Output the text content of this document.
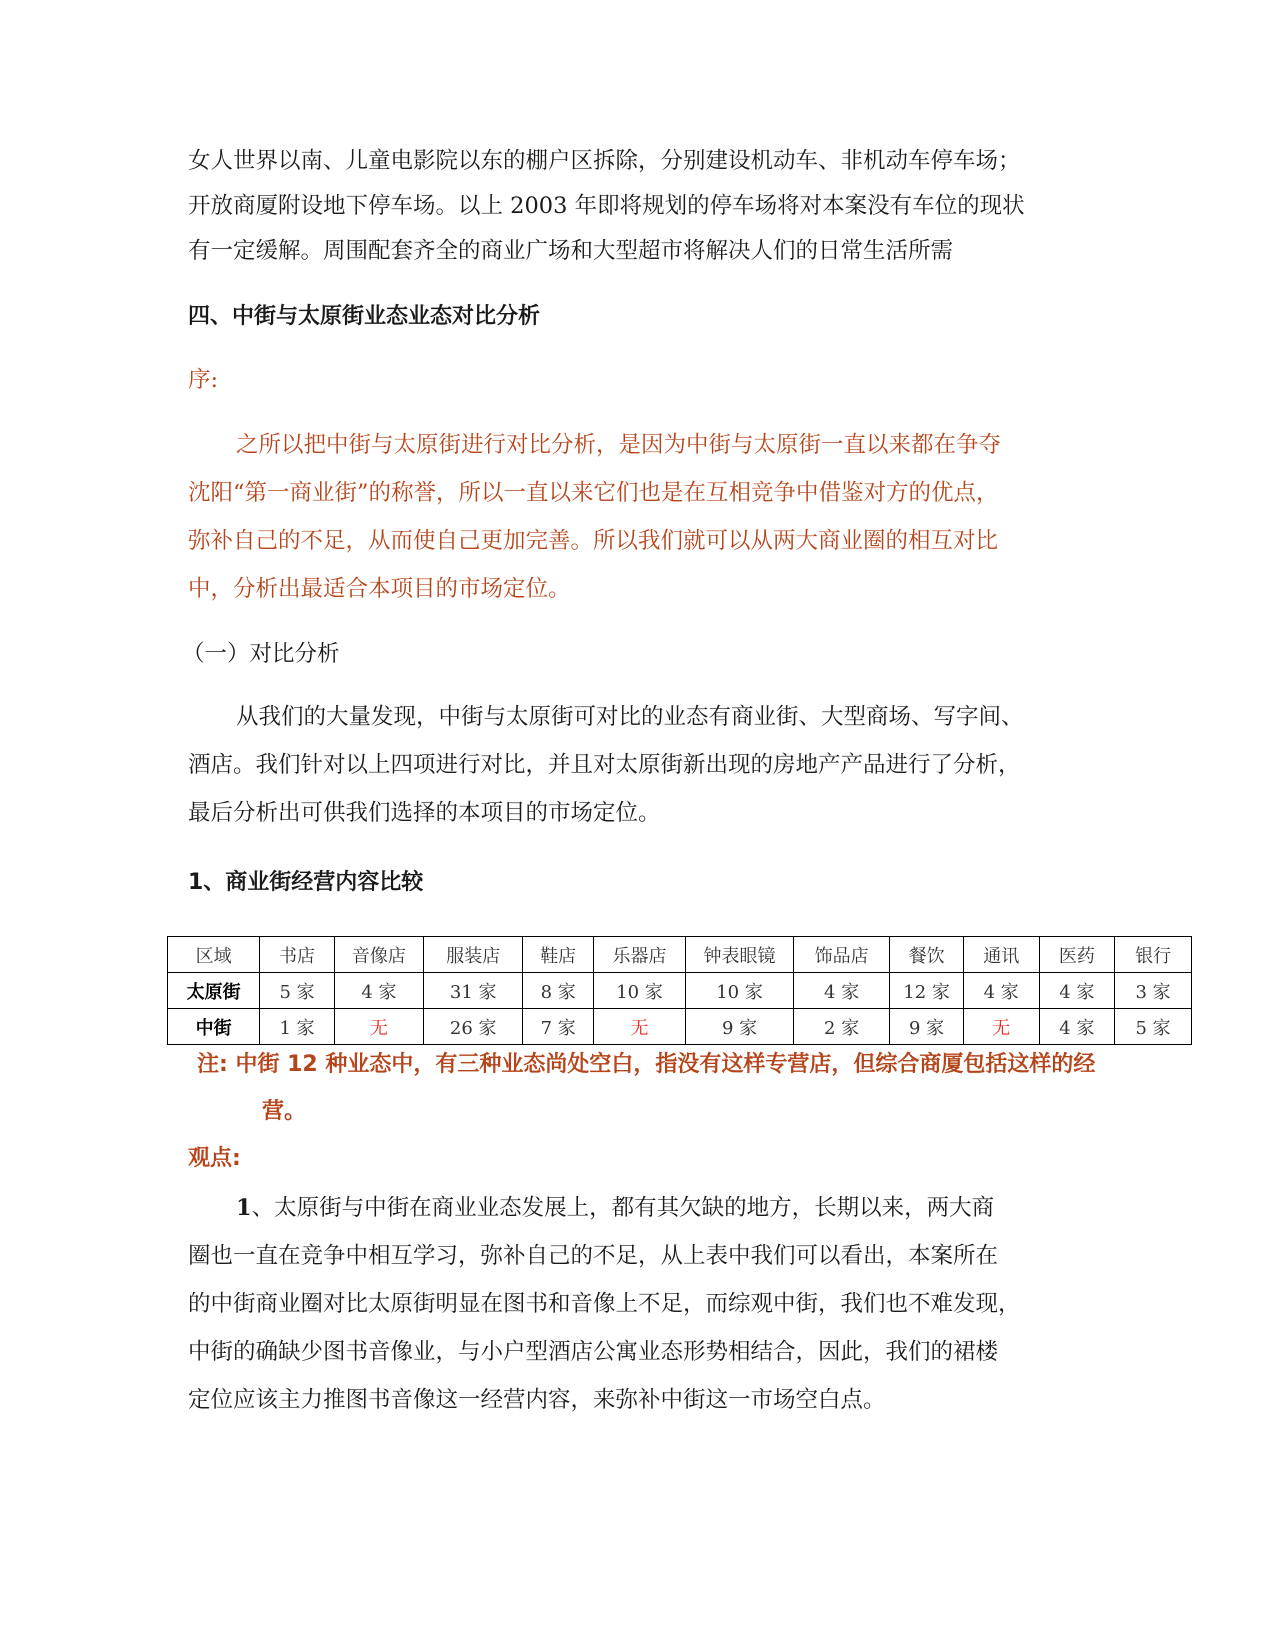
女人世界以南、儿童电影院以东的棚户区拆除，分别建设机动车、非机动车停车场；
开放商厦附设地下停车场。以上 2003 年即将规划的停车场将对本案没有车位的现状
有一定缓解。周围配套齐全的商业广场和大型超市将解决人们的日常生活所需
四、中街与太原街业态业态对比分析
序:
之所以把中街与太原街进行对比分析，是因为中街与太原街一直以来都在争夺
沈阳“第一商业街”的称誉，所以一直以来它们也是在互相竞争中借鉴对方的优点，
弥补自己的不足，从而使自己更加完善。所以我们就可以从两大商业圈的相互对比
中，分析出最适合本项目的市场定位。
（一）对比分析
从我们的大量发现，中街与太原街可对比的业态有商业街、大型商场、写字间、
酒店。我们针对以上四项进行对比，并且对太原街新出现的房地产产品进行了分析，
最后分析出可供我们选择的本项目的市场定位。
1、商业街经营内容比较
区域	书店	音像店	服装店	鞋店	乐器店	钟表眼镜	饰品店	餐饮	通讯	医药	银行
太原街	5 家	4 家	31 家	8 家	10 家	10 家	4 家	12 家	4 家	4 家	3 家
中街	1 家	无	26 家	7 家	无	9 家	2 家	9 家	无	4 家	5 家
注: 中街 12 种业态中，有三种业态尚处空白，指没有这样专营店，但综合商厦包括这样的经
营。
观点:
1、太原街与中街在商业业态发展上，都有其欠缺的地方，长期以来，两大商
圈也一直在竞争中相互学习，弥补自己的不足，从上表中我们可以看出，本案所在
的中街商业圈对比太原街明显在图书和音像上不足，而综观中街，我们也不难发现，
中街的确缺少图书音像业，与小户型酒店公寓业态形势相结合，因此，我们的裙楼
定位应该主力推图书音像这一经营内容，来弥补中街这一市场空白点。
